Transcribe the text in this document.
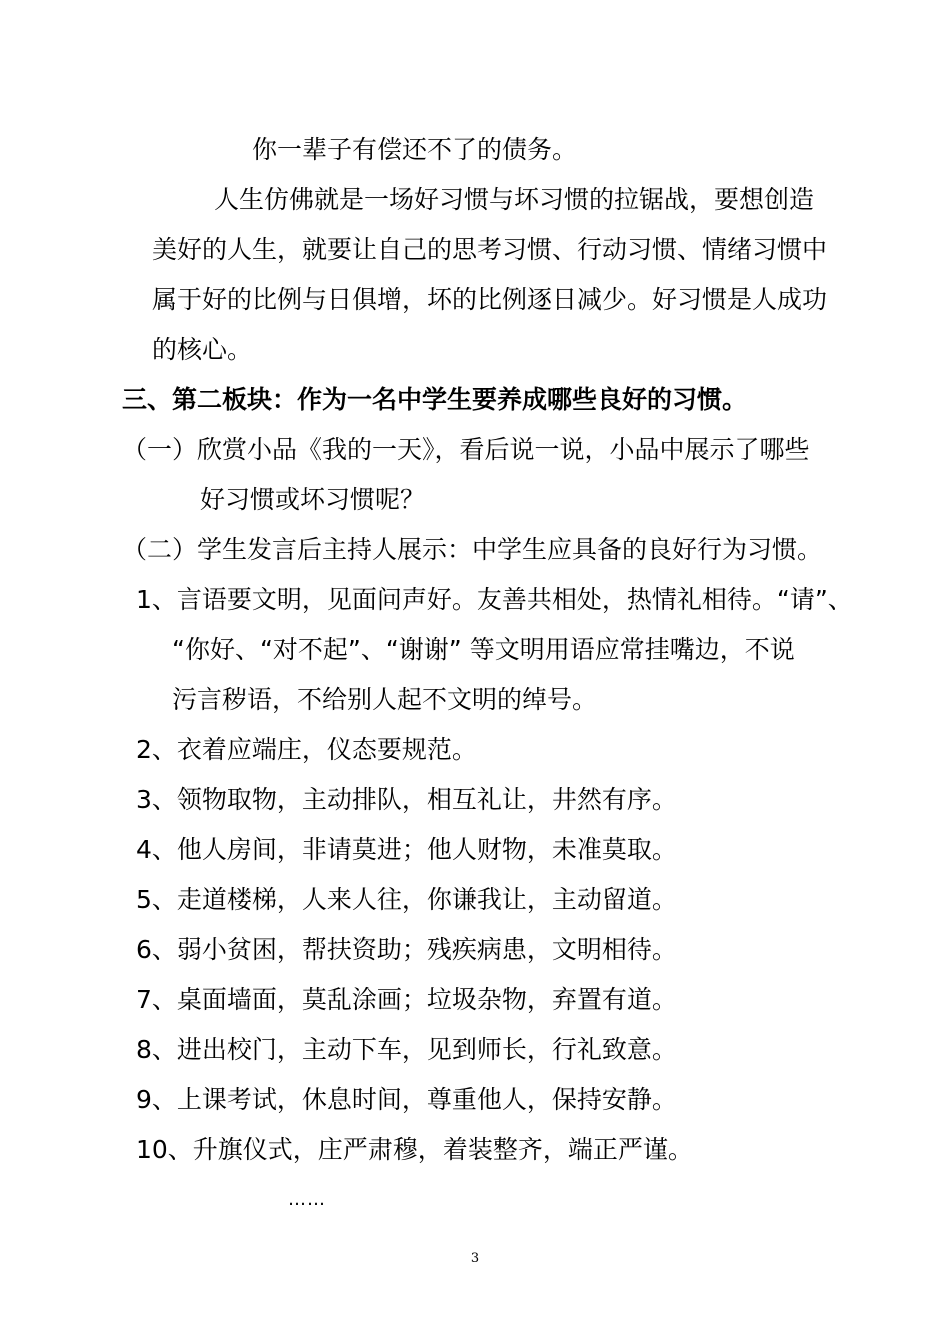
你一辈子有偿还不了的债务。
人生仿佛就是一场好习惯与坏习惯的拉锯战，要想创造
美好的人生，就要让自己的思考习惯、行动习惯、情绪习惯中
属于好的比例与日俱增，坏的比例逐日减少。好习惯是人成功
的核心。
三、第二板块：作为一名中学生要养成哪些良好的习惯。
（一）欣赏小品《我的一天》，看后说一说，小品中展示了哪些
好习惯或坏习惯呢？
（二）学生发言后主持人展示：中学生应具备的良好行为习惯。
1、言语要文明，见面问声好。友善共相处，热情礼相待。“请”、
“你好、“对不起”、“谢谢” 等文明用语应常挂嘴边，不说
污言秽语，不给别人起不文明的绰号。
2、衣着应端庄，仪态要规范。
3、领物取物，主动排队，相互礼让，井然有序。
4、他人房间，非请莫进；他人财物，未准莫取。
5、走道楼梯，人来人往，你谦我让，主动留道。
6、弱小贫困，帮扶资助；残疾病患，文明相待。
7、桌面墙面，莫乱涂画；垃圾杂物，弃置有道。
8、进出校门，主动下车，见到师长，行礼致意。
9、上课考试，休息时间，尊重他人，保持安静。
10、升旗仪式，庄严肃穆，着装整齐，端正严谨。
……
3
